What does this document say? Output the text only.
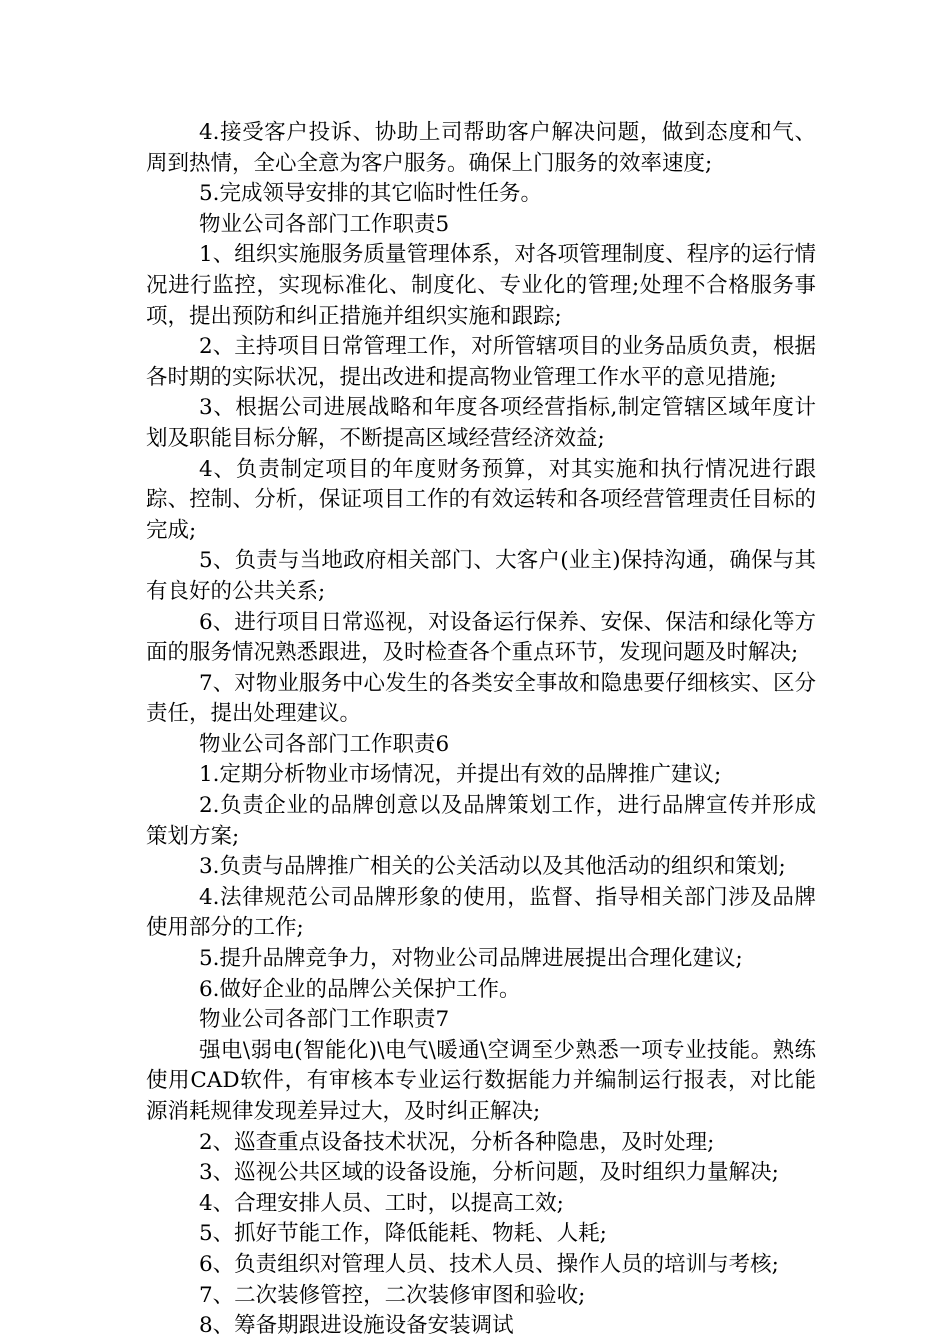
4.接受客户投诉、协助上司帮助客户解决问题，做到态度和气、周到热情，全心全意为客户服务。确保上门服务的效率速度;

5.完成领导安排的其它临时性任务。

物业公司各部门工作职责5

1、组织实施服务质量管理体系，对各项管理制度、程序的运行情况进行监控，实现标准化、制度化、专业化的管理;处理不合格服务事项，提出预防和纠正措施并组织实施和跟踪;

2、主持项目日常管理工作，对所管辖项目的业务品质负责，根据各时期的实际状况，提出改进和提高物业管理工作水平的意见措施;

3、根据公司进展战略和年度各项经营指标,制定管辖区域年度计划及职能目标分解，不断提高区域经营经济效益;

4、负责制定项目的年度财务预算，对其实施和执行情况进行跟踪、控制、分析，保证项目工作的有效运转和各项经营管理责任目标的完成;

5、负责与当地政府相关部门、大客户(业主)保持沟通，确保与其有良好的公共关系;

6、进行项目日常巡视，对设备运行保养、安保、保洁和绿化等方面的服务情况熟悉跟进，及时检查各个重点环节，发现问题及时解决;

7、对物业服务中心发生的各类安全事故和隐患要仔细核实、区分责任，提出处理建议。

物业公司各部门工作职责6

1.定期分析物业市场情况，并提出有效的品牌推广建议;

2.负责企业的品牌创意以及品牌策划工作，进行品牌宣传并形成策划方案;

3.负责与品牌推广相关的公关活动以及其他活动的组织和策划;

4.法律规范公司品牌形象的使用，监督、指导相关部门涉及品牌使用部分的工作;

5.提升品牌竞争力，对物业公司品牌进展提出合理化建议;

6.做好企业的品牌公关保护工作。

物业公司各部门工作职责7

强电\弱电(智能化)\电气\暖通\空调至少熟悉一项专业技能。熟练使用CAD软件，有审核本专业运行数据能力并编制运行报表，对比能源消耗规律发现差异过大，及时纠正解决;

2、巡查重点设备技术状况，分析各种隐患，及时处理;

3、巡视公共区域的设备设施，分析问题，及时组织力量解决;

4、合理安排人员、工时，以提高工效;

5、抓好节能工作，降低能耗、物耗、人耗;

6、负责组织对管理人员、技术人员、操作人员的培训与考核;

7、二次装修管控，二次装修审图和验收;

8、筹备期跟进设施设备安装调试
